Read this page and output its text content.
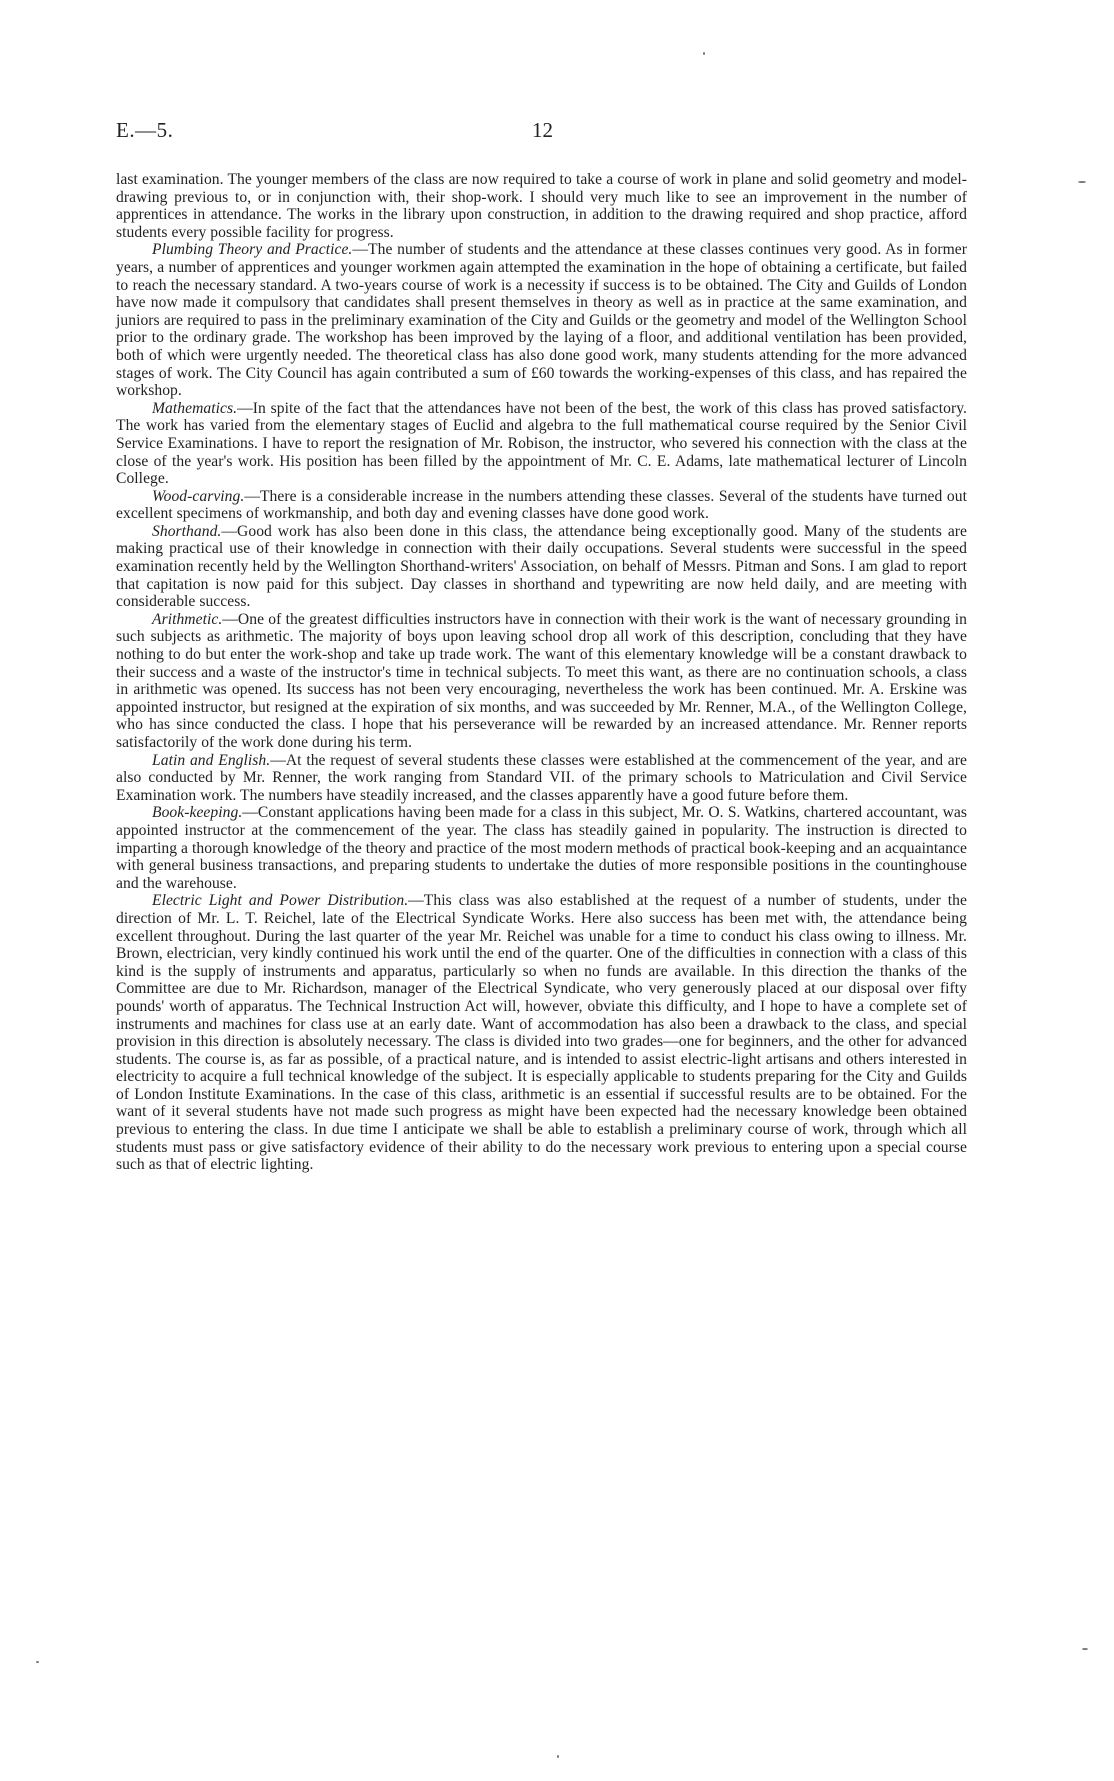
E.—5.	12

last examination. The younger members of the class are now required to take a course of work in plane and solid geometry and model-drawing previous to, or in conjunction with, their shop-work. I should very much like to see an improvement in the number of apprentices in attendance. The works in the library upon construction, in addition to the drawing required and shop practice, afford students every possible facility for progress.

Plumbing Theory and Practice.—The number of students and the attendance at these classes continues very good. As in former years, a number of apprentices and younger workmen again attempted the examination in the hope of obtaining a certificate, but failed to reach the necessary standard. A two-years course of work is a necessity if success is to be obtained. The City and Guilds of London have now made it compulsory that candidates shall present themselves in theory as well as in practice at the same examination, and juniors are required to pass in the preliminary examination of the City and Guilds or the geometry and model of the Wellington School prior to the ordinary grade. The workshop has been improved by the laying of a floor, and additional ventilation has been provided, both of which were urgently needed. The theoretical class has also done good work, many students attending for the more advanced stages of work. The City Council has again contributed a sum of £60 towards the working-expenses of this class, and has repaired the workshop.

Mathematics.—In spite of the fact that the attendances have not been of the best, the work of this class has proved satisfactory. The work has varied from the elementary stages of Euclid and algebra to the full mathematical course required by the Senior Civil Service Examinations. I have to report the resignation of Mr. Robison, the instructor, who severed his connection with the class at the close of the year's work. His position has been filled by the appointment of Mr. C. E. Adams, late mathematical lecturer of Lincoln College.

Wood-carving.—There is a considerable increase in the numbers attending these classes. Several of the students have turned out excellent specimens of workmanship, and both day and evening classes have done good work.

Shorthand.—Good work has also been done in this class, the attendance being exceptionally good. Many of the students are making practical use of their knowledge in connection with their daily occupations. Several students were successful in the speed examination recently held by the Wellington Shorthand-writers' Association, on behalf of Messrs. Pitman and Sons. I am glad to report that capitation is now paid for this subject. Day classes in shorthand and typewriting are now held daily, and are meeting with considerable success.

Arithmetic.—One of the greatest difficulties instructors have in connection with their work is the want of necessary grounding in such subjects as arithmetic. The majority of boys upon leaving school drop all work of this description, concluding that they have nothing to do but enter the work-shop and take up trade work. The want of this elementary knowledge will be a constant drawback to their success and a waste of the instructor's time in technical subjects. To meet this want, as there are no continuation schools, a class in arithmetic was opened. Its success has not been very encouraging, nevertheless the work has been continued. Mr. A. Erskine was appointed instructor, but resigned at the expiration of six months, and was succeeded by Mr. Renner, M.A., of the Wellington College, who has since conducted the class. I hope that his perseverance will be rewarded by an increased attendance. Mr. Renner reports satisfactorily of the work done during his term.

Latin and English.—At the request of several students these classes were established at the commencement of the year, and are also conducted by Mr. Renner, the work ranging from Standard VII. of the primary schools to Matriculation and Civil Service Examination work. The numbers have steadily increased, and the classes apparently have a good future before them.

Book-keeping.—Constant applications having been made for a class in this subject, Mr. O. S. Watkins, chartered accountant, was appointed instructor at the commencement of the year. The class has steadily gained in popularity. The instruction is directed to imparting a thorough knowledge of the theory and practice of the most modern methods of practical book-keeping and an acquaintance with general business transactions, and preparing students to undertake the duties of more responsible positions in the countinghouse and the warehouse.

Electric Light and Power Distribution.—This class was also established at the request of a number of students, under the direction of Mr. L. T. Reichel, late of the Electrical Syndicate Works. Here also success has been met with, the attendance being excellent throughout. During the last quarter of the year Mr. Reichel was unable for a time to conduct his class owing to illness. Mr. Brown, electrician, very kindly continued his work until the end of the quarter. One of the difficulties in connection with a class of this kind is the supply of instruments and apparatus, particularly so when no funds are available. In this direction the thanks of the Committee are due to Mr. Richardson, manager of the Electrical Syndicate, who very generously placed at our disposal over fifty pounds' worth of apparatus. The Technical Instruction Act will, however, obviate this difficulty, and I hope to have a complete set of instruments and machines for class use at an early date. Want of accommodation has also been a drawback to the class, and special provision in this direction is absolutely necessary. The class is divided into two grades—one for beginners, and the other for advanced students. The course is, as far as possible, of a practical nature, and is intended to assist electric-light artisans and others interested in electricity to acquire a full technical knowledge of the subject. It is especially applicable to students preparing for the City and Guilds of London Institute Examinations. In the case of this class, arithmetic is an essential if successful results are to be obtained. For the want of it several students have not made such progress as might have been expected had the necessary knowledge been obtained previous to entering the class. In due time I anticipate we shall be able to establish a preliminary course of work, through which all students must pass or give satisfactory evidence of their ability to do the necessary work previous to entering upon a special course such as that of electric lighting.
